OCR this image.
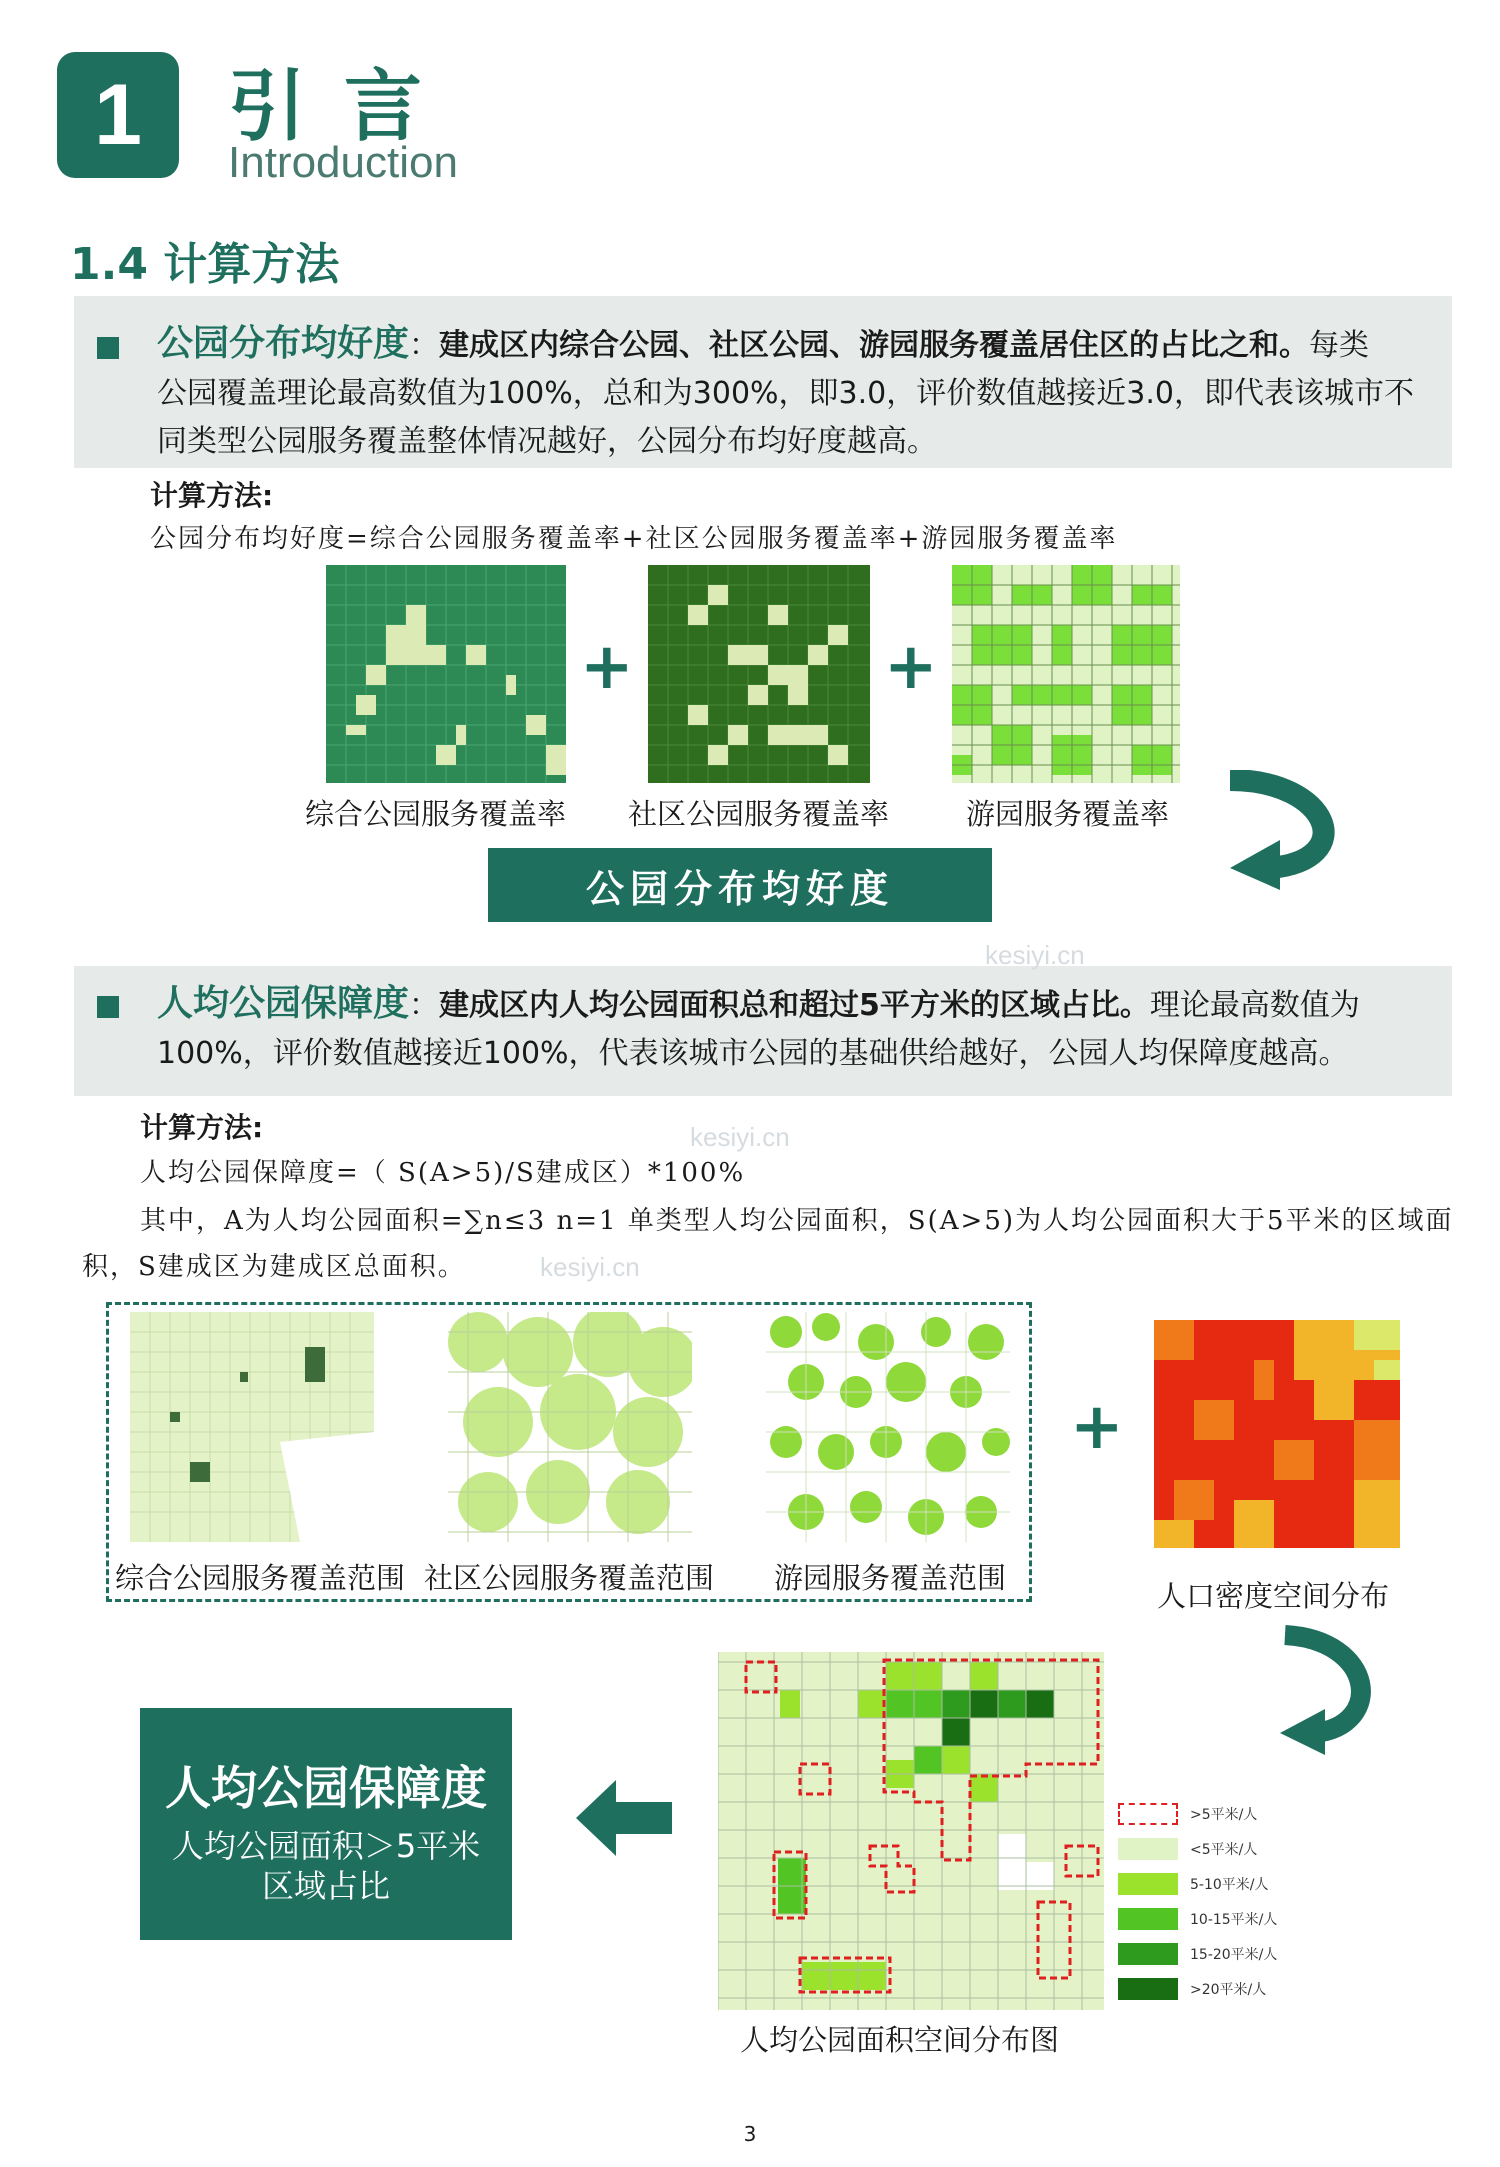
1 引言
Introduction
1.4 计算方法
公园分布均好度：建成区内综合公园、社区公园、游园服务覆盖居住区的占比之和。每类
公园覆盖理论最高数值为100%，总和为300%，即3.0，评价数值越接近3.0，即代表该城市不
同类型公园服务覆盖整体情况越好，公园分布均好度越高。
计算方法:
公园分布均好度=综合公园服务覆盖率+社区公园服务覆盖率+游园服务覆盖率
+	+
综合公园服务覆盖率 社区公园服务覆盖率	游园服务覆盖率
公园分布均好度
人均公园保障度：建成区内人均公园面积总和超过5平方米的区域占比。理论最高数值为
100%，评价数值越接近100%，代表该城市公园的基础供给越好，公园人均保障度越高。
计算方法:
人均公园保障度=（ S(A>5)/S建成区）*100%
其中，A为人均公园面积=∑n≤3 n=1 单类型人均公园面积，S(A>5)为人均公园面积大于5平米的区域面
积，S建成区为建成区总面积。
综合公园服务覆盖范围 社区公园服务覆盖范围 游园服务覆盖范围
+
人口密度空间分布
>5平米/人
<5平米/人
5-10平米/人
10-15平米/人
15-20平米/人
>20平米/人
人均公园面积空间分布图
人均公园保障度
人均公园面积＞5平米
区域占比
kesiyi.cn
kesiyi.cn
kesiyi.cn
3
